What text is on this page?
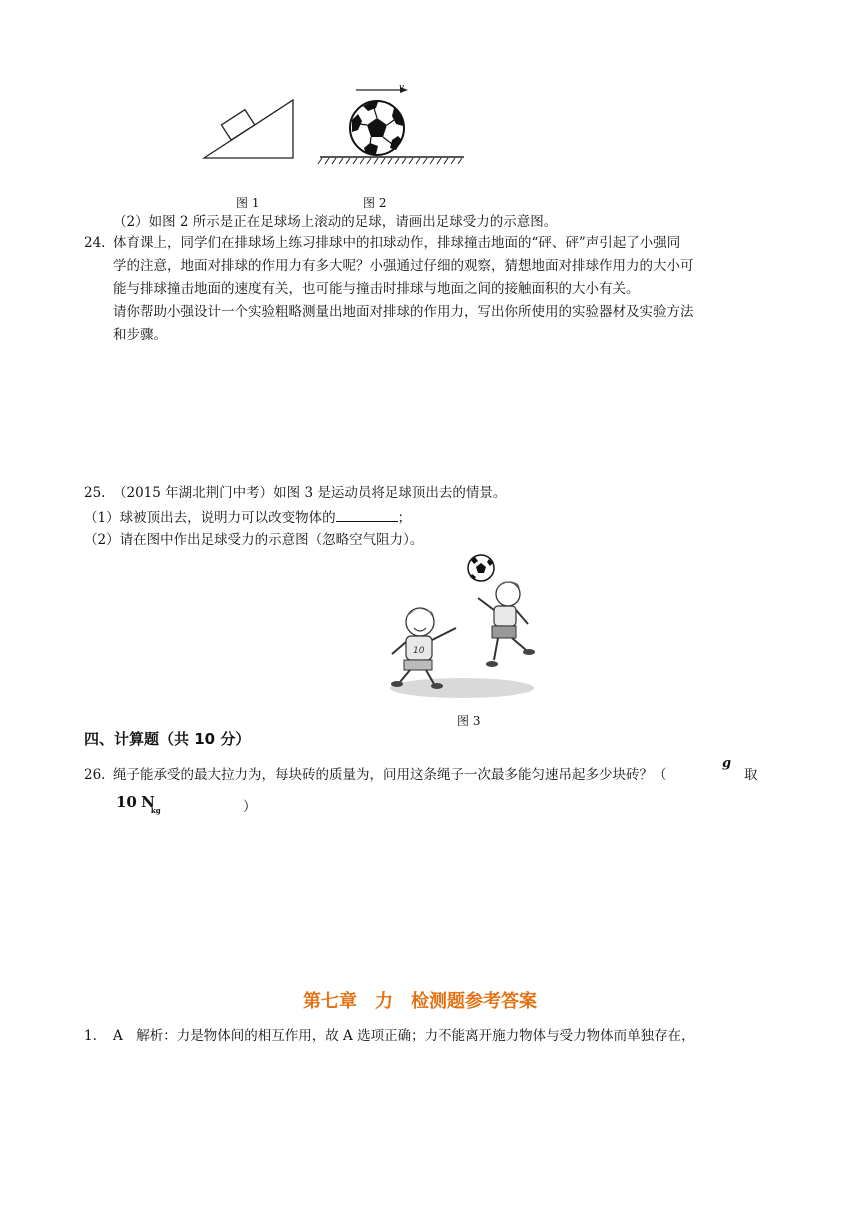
v
图 1	图 2
（2）如图 2 所示是正在足球场上滚动的足球，请画出足球受力的示意图。
24. 体育课上，同学们在排球场上练习排球中的扣球动作，排球撞击地面的“砰、砰”声引起了小强同
学的注意，地面对排球的作用力有多大呢？小强通过仔细的观察，猜想地面对排球作用力的大小可
能与排球撞击地面的速度有关，也可能与撞击时排球与地面之间的接触面积的大小有关。
请你帮助小强设计一个实验粗略测量出地面对排球的作用力，写出你所使用的实验器材及实验方法
和步骤。
25. （2015 年湖北荆门中考）如图 3 是运动员将足球顶出去的情景。
（1）球被顶出去，说明力可以改变物体的	；
（2）请在图中作出足球受力的示意图（忽略空气阻力）。
10
图 3
四、计算题（共 10 分）
26. 绳子能承受的最大拉力为，每块砖的质量为，问用这条绳子一次最多能匀速吊起多少块砖？（
g
取
10 $N_{kg}$	）
第七章　力　检测题参考答案
1. A　解析：力是物体间的相互作用，故 A 选项正确；力不能离开施力物体与受力物体而单独存在，
